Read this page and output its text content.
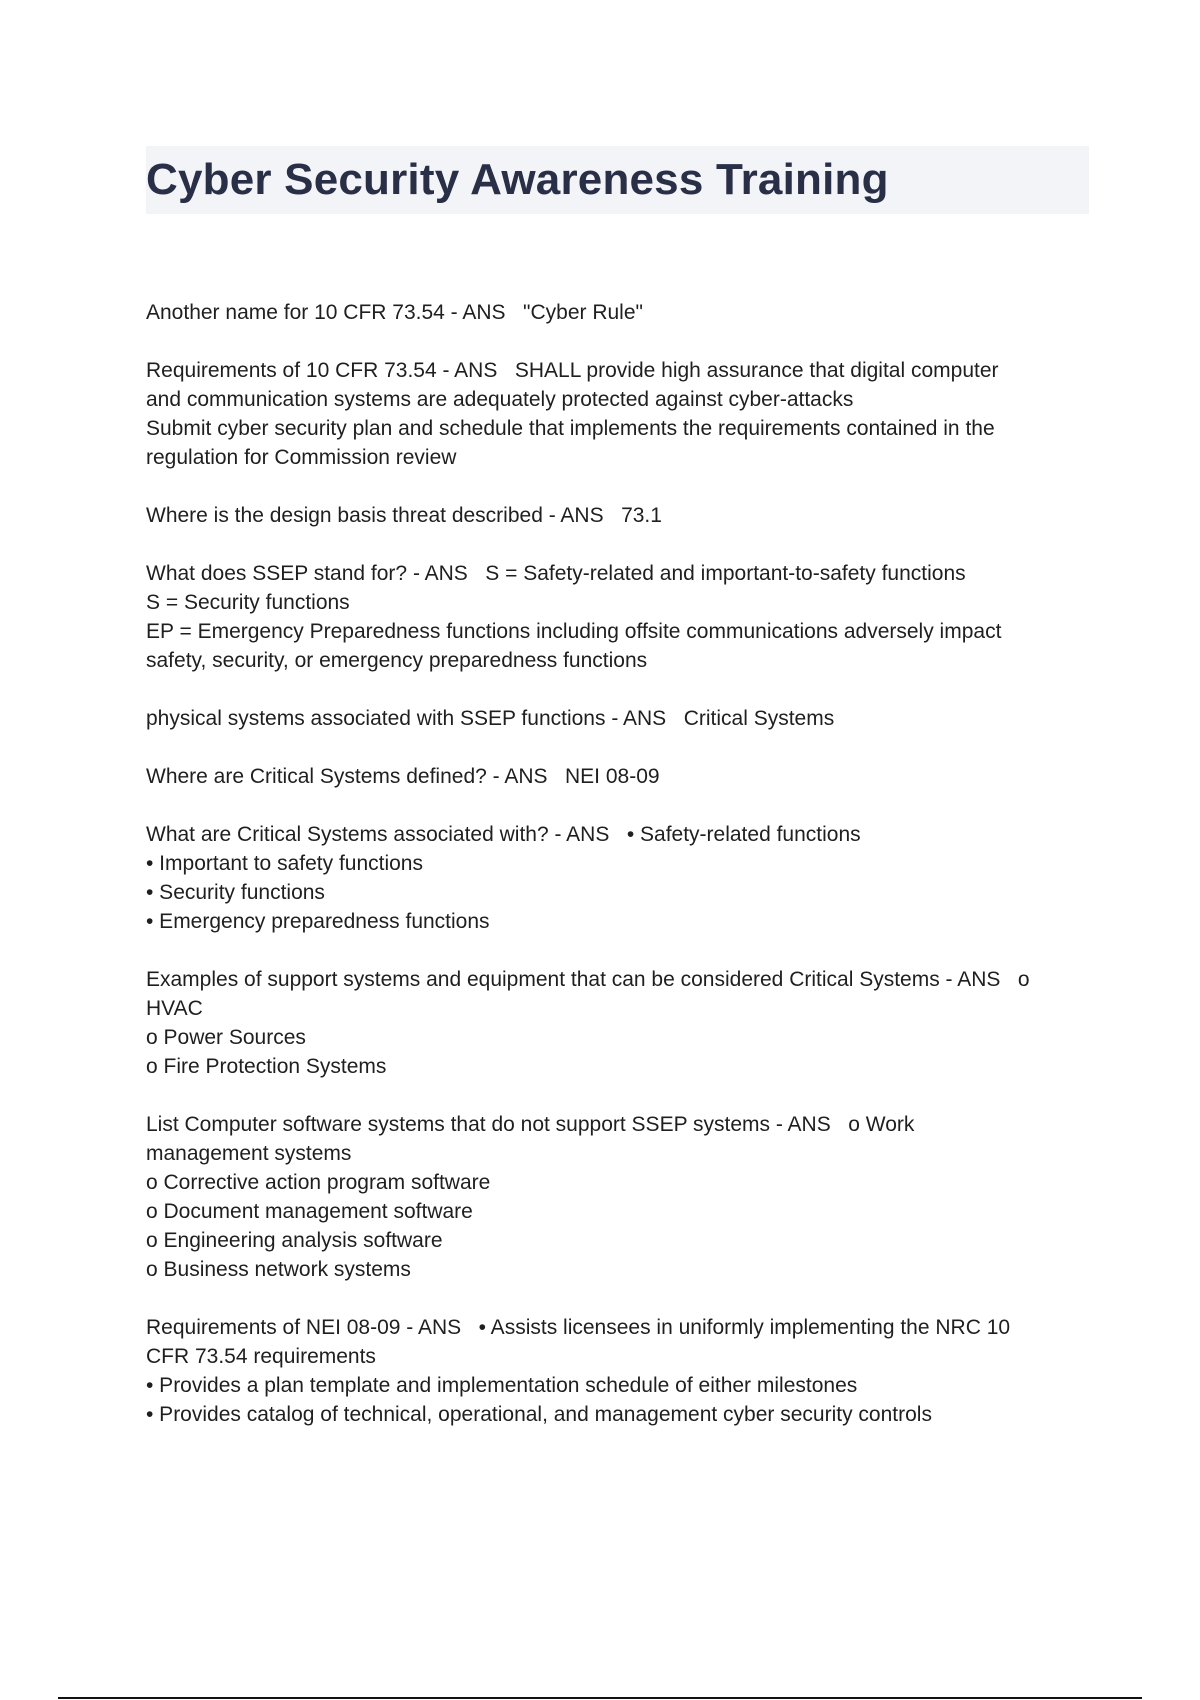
Cyber Security Awareness Training
Another name for 10 CFR 73.54 - ANS   "Cyber Rule"
Requirements of 10 CFR 73.54 - ANS   SHALL provide high assurance that digital computer
and communication systems are adequately protected against cyber-attacks
Submit cyber security plan and schedule that implements the requirements contained in the
regulation for Commission review
Where is the design basis threat described - ANS   73.1
What does SSEP stand for? - ANS   S = Safety-related and important-to-safety functions
S = Security functions
EP = Emergency Preparedness functions including offsite communications adversely impact
safety, security, or emergency preparedness functions
physical systems associated with SSEP functions - ANS   Critical Systems
Where are Critical Systems defined? - ANS   NEI 08-09
What are Critical Systems associated with? - ANS   • Safety-related functions
• Important to safety functions
• Security functions
• Emergency preparedness functions
Examples of support systems and equipment that can be considered Critical Systems - ANS   o
HVAC
o Power Sources
o Fire Protection Systems
List Computer software systems that do not support SSEP systems - ANS   o Work
management systems
o Corrective action program software
o Document management software
o Engineering analysis software
o Business network systems
Requirements of NEI 08-09 - ANS   • Assists licensees in uniformly implementing the NRC 10
CFR 73.54 requirements
• Provides a plan template and implementation schedule of either milestones
• Provides catalog of technical, operational, and management cyber security controls
